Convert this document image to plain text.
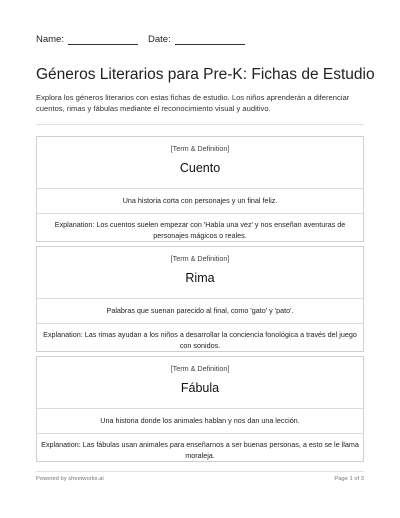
Name:	Date:
Géneros Literarios para Pre-K: Fichas de Estudio

Explora los géneros literarios con estas fichas de estudio. Los niños aprenderán a diferenciar cuentos, rimas y fábulas mediante el reconocimiento visual y auditivo.

[Term & Definition]
Cuento
Una historia corta con personajes y un final feliz.
Explanation: Los cuentos suelen empezar con 'Había una vez' y nos enseñan aventuras de personajes mágicos o reales.
[Term & Definition]
Rima
Palabras que suenan parecido al final, como 'gato' y 'pato'.
Explanation: Las rimas ayudan a los niños a desarrollar la conciencia fonológica a través del juego con sonidos.
[Term & Definition]
Fábula
Una historia donde los animales hablan y nos dan una lección.
Explanation: Las fábulas usan animales para enseñarnos a ser buenas personas, a esto se le llama moraleja.
Powered by sheetworks.ai	Page 1 of 3
